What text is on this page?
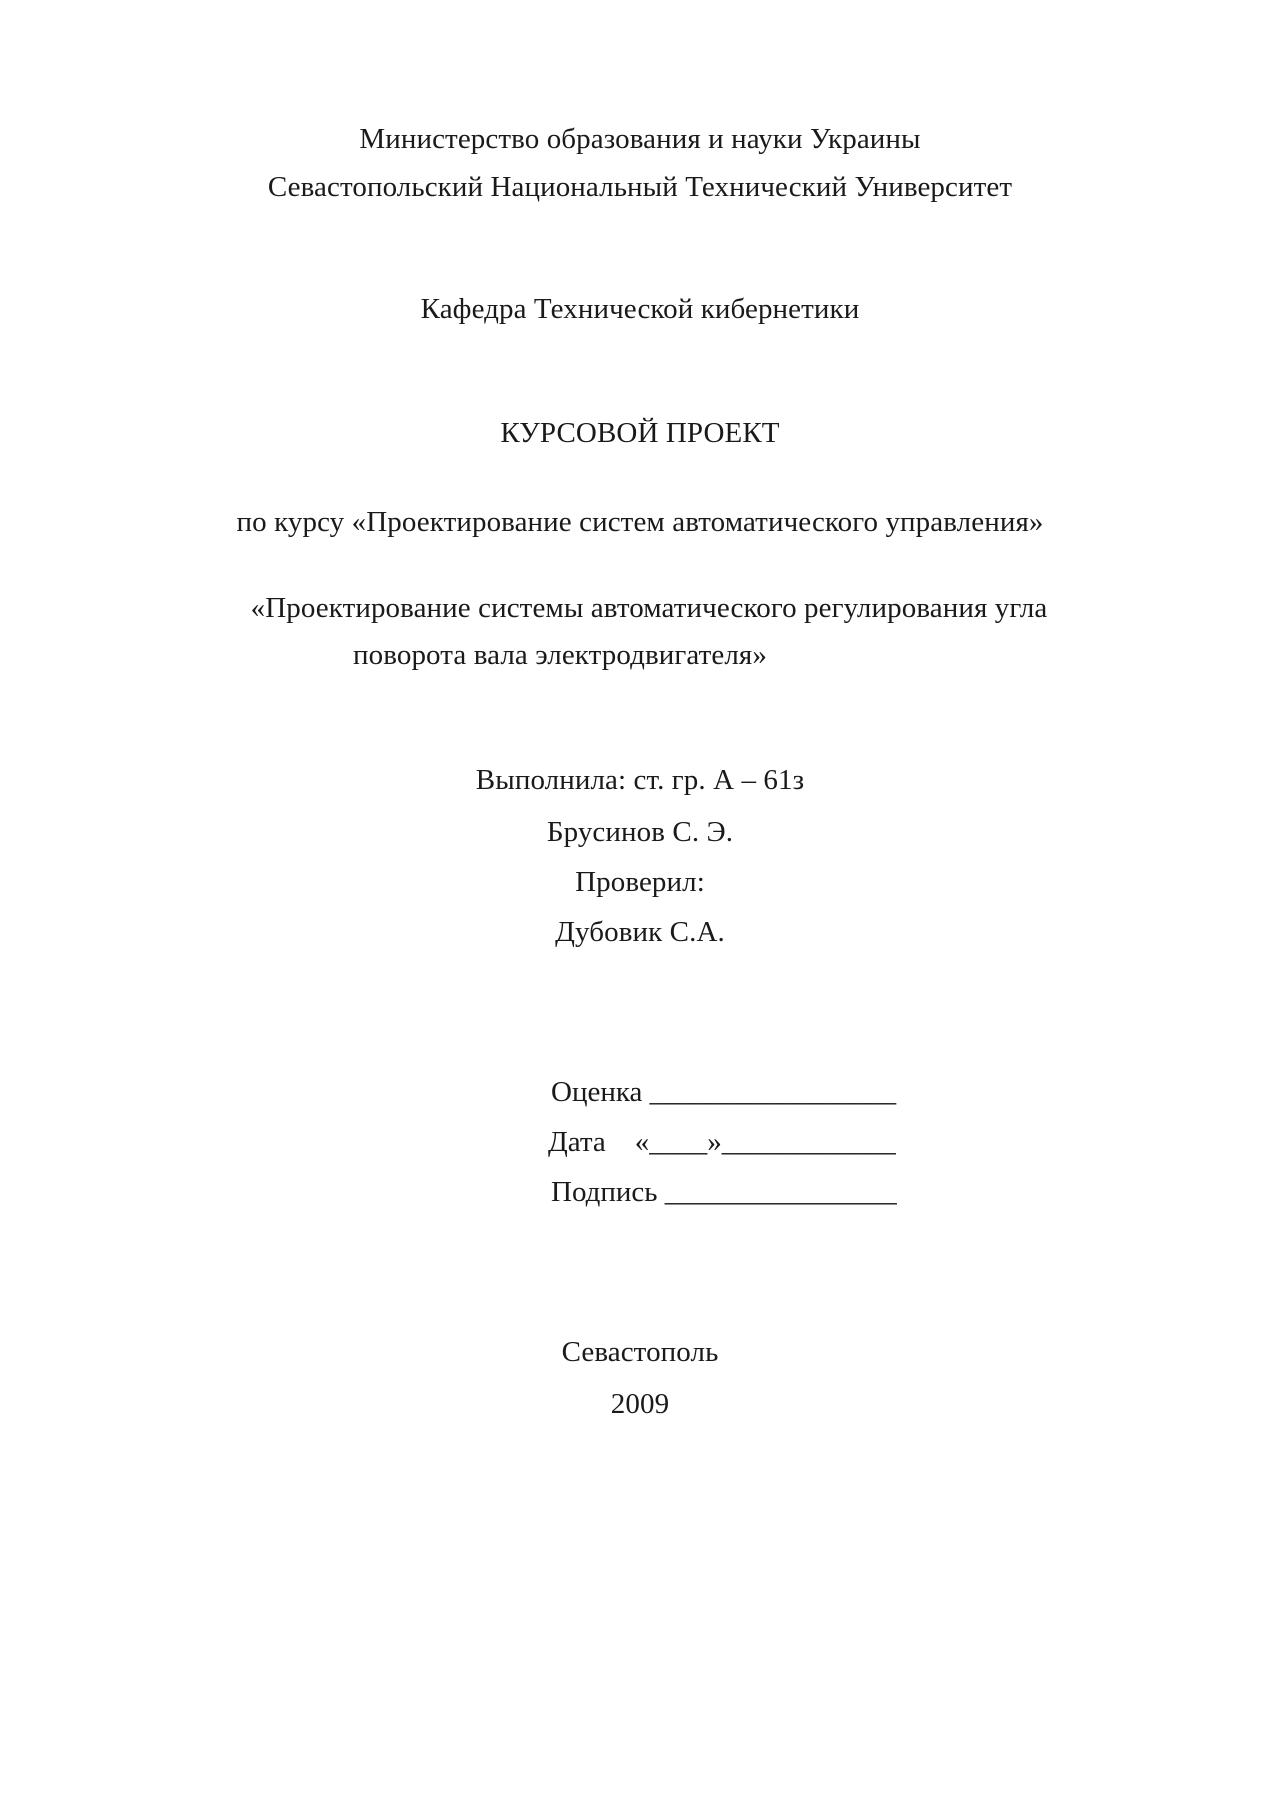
Министерство образования и науки Украины
Севастопольский Национальный Технический Университет
Кафедра Технической кибернетики
КУРСОВОЙ ПРОЕКТ
по курсу «Проектирование систем автоматического управления»
«Проектирование системы автоматического регулирования угла
поворота вала электродвигателя»
Выполнила: ст. гр. А – 61з
Брусинов С. Э.
Проверил:
Дубовик С.А.
Оценка _________________
Дата    «____»____________
Подпись ________________
Севастополь
2009
